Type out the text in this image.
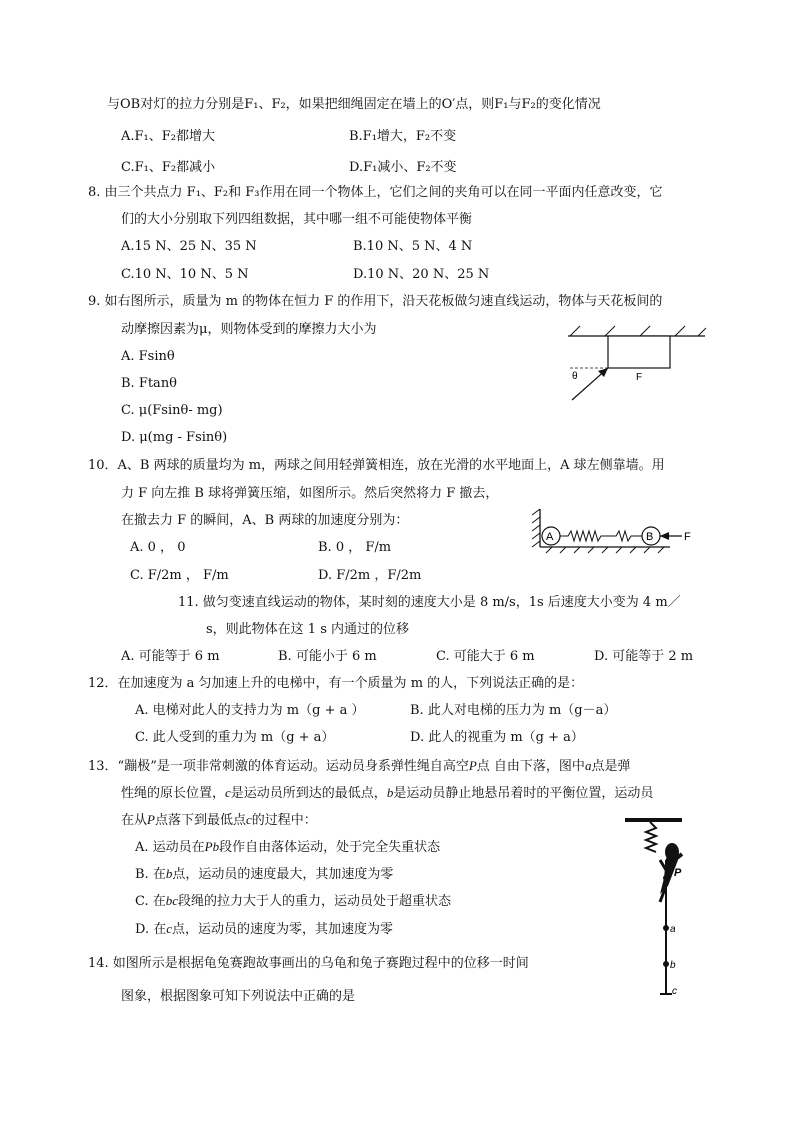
与OB对灯的拉力分别是F₁、F₂，如果把细绳固定在墙上的O′点，则F₁与F₂的变化情况
A.F₁、F₂都增大	B.F₁增大，F₂不变
C.F₁、F₂都减小	D.F₁减小、F₂不变
8. 由三个共点力 F₁、F₂和 F₃作用在同一个物体上，它们之间的夹角可以在同一平面内任意改变，它
们的大小分别取下列四组数据，其中哪一组不可能使物体平衡
A.15 N、25 N、35 N	B.10 N、5 N、4 N
C.10 N、10 N、5 N	D.10 N、20 N、25 N
9. 如右图所示，质量为 m 的物体在恒力 F 的作用下，沿天花板做匀速直线运动，物体与天花板间的
动摩擦因素为μ，则物体受到的摩擦力大小为
A. Fsinθ
B. Ftanθ
C. μ(Fsinθ- mg)
D. μ(mg - Fsinθ)
θ	F
10．A、B 两球的质量均为 m，两球之间用轻弹簧相连，放在光滑的水平地面上，A 球左侧靠墙。用
力 F 向左推 B 球将弹簧压缩，如图所示。然后突然将力 F 撤去，
在撤去力 F 的瞬间，A、B 两球的加速度分别为：
A. 0 ， 0	B. 0 ， F/m
C. F/2m ， F/m	D. F/2m ，F/2m
A	B	F
11. 做匀变速直线运动的物体，某时刻的速度大小是 8 m/s，1s 后速度大小变为 4 m／
s，则此物体在这 1 s 内通过的位移
A. 可能等于 6 m	B. 可能小于 6 m	C. 可能大于 6 m	D. 可能等于 2 m
12．在加速度为 a 匀加速上升的电梯中，有一个质量为 m 的人，下列说法正确的是：
A. 电梯对此人的支持力为 m（g + a ）	B. 此人对电梯的压力为 m（g－a）
C. 此人受到的重力为 m（g + a）	D. 此人的视重为 m（g + a）
13．“蹦极”是一项非常刺激的体育运动。运动员身系弹性绳自高空P点 自由下落，图中a点是弹
性绳的原长位置，c是运动员所到达的最低点，b是运动员静止地悬吊着时的平衡位置，运动员
在从P点落下到最低点c的过程中：
A. 运动员在Pb段作自由落体运动，处于完全失重状态
B. 在b点，运动员的速度最大，其加速度为零
C. 在bc段绳的拉力大于人的重力，运动员处于超重状态
D. 在c点，运动员的速度为零，其加速度为零
P
a
b
c
14. 如图所示是根据龟兔赛跑故事画出的乌龟和兔子赛跑过程中的位移一时间
图象，根据图象可知下列说法中正确的是
